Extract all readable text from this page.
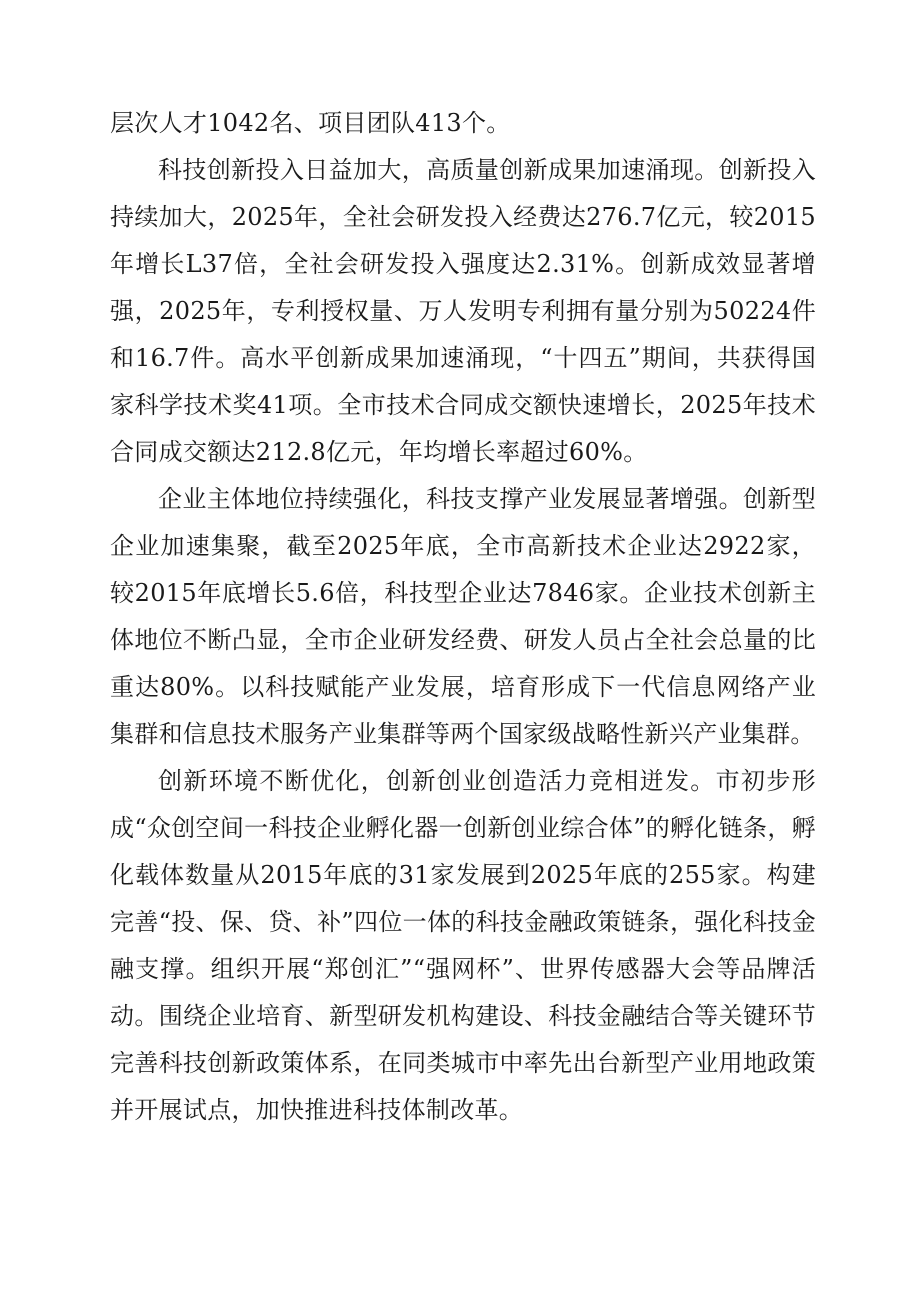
层次人才1042名、项目团队413个。

科技创新投入日益加大，高质量创新成果加速涌现。创新投入持续加大，2025年，全社会研发投入经费达276.7亿元，较2015年增长L37倍，全社会研发投入强度达2.31%。创新成效显著增强，2025年，专利授权量、万人发明专利拥有量分别为50224件和16.7件。高水平创新成果加速涌现，“十四五”期间，共获得国家科学技术奖41项。全市技术合同成交额快速增长，2025年技术合同成交额达212.8亿元，年均增长率超过60%。

企业主体地位持续强化，科技支撑产业发展显著增强。创新型企业加速集聚，截至2025年底，全市高新技术企业达2922家，较2015年底增长5.6倍，科技型企业达7846家。企业技术创新主体地位不断凸显，全市企业研发经费、研发人员占全社会总量的比重达80%。以科技赋能产业发展，培育形成下一代信息网络产业集群和信息技术服务产业集群等两个国家级战略性新兴产业集群。

创新环境不断优化，创新创业创造活力竞相迸发。市初步形成“众创空间一科技企业孵化器一创新创业综合体”的孵化链条，孵化载体数量从2015年底的31家发展到2025年底的255家。构建完善“投、保、贷、补”四位一体的科技金融政策链条，强化科技金融支撑。组织开展“郑创汇”“强网杯”、世界传感器大会等品牌活动。围绕企业培育、新型研发机构建设、科技金融结合等关键环节完善科技创新政策体系，在同类城市中率先出台新型产业用地政策并开展试点，加快推进科技体制改革。
